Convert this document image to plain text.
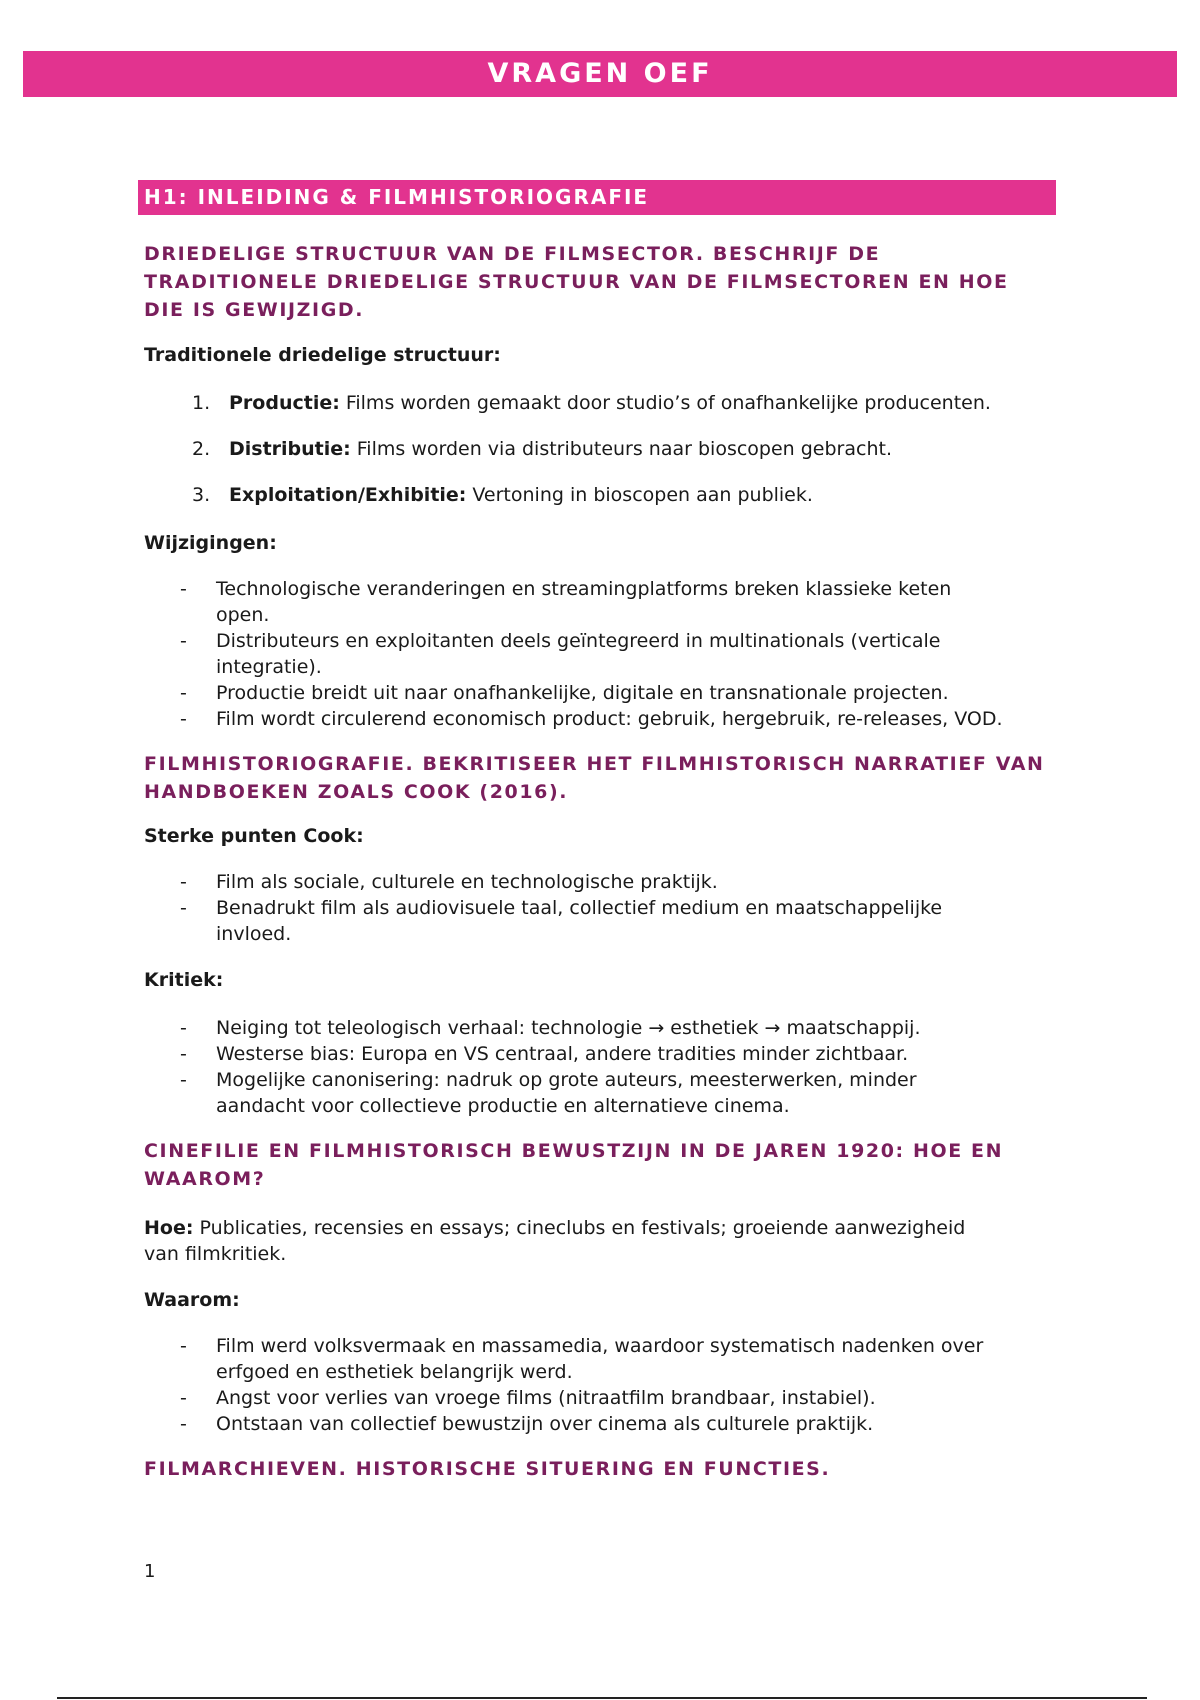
VRAGEN OEF
H1: INLEIDING & FILMHISTORIOGRAFIE
DRIEDELIGE STRUCTUUR VAN DE FILMSECTOR. BESCHRIJF DE
TRADITIONELE DRIEDELIGE STRUCTUUR VAN DE FILMSECTOREN EN HOE
DIE IS GEWIJZIGD.
Traditionele driedelige structuur:
1. Productie: Films worden gemaakt door studio’s of onafhankelijke producenten.
2. Distributie: Films worden via distributeurs naar bioscopen gebracht.
3. Exploitation/Exhibitie: Vertoning in bioscopen aan publiek.
Wijzigingen:
-	Technologische veranderingen en streamingplatforms breken klassieke keten
open.
-	Distributeurs en exploitanten deels geïntegreerd in multinationals (verticale
integratie).
-	Productie breidt uit naar onafhankelijke, digitale en transnationale projecten.
-	Film wordt circulerend economisch product: gebruik, hergebruik, re-releases, VOD.
FILMHISTORIOGRAFIE. BEKRITISEER HET FILMHISTORISCH NARRATIEF VAN
HANDBOEKEN ZOALS COOK (2016).
Sterke punten Cook:
-	Film als sociale, culturele en technologische praktijk.
-	Benadrukt film als audiovisuele taal, collectief medium en maatschappelijke
invloed.
Kritiek:
-	Neiging tot teleologisch verhaal: technologie → esthetiek → maatschappij.
-	Westerse bias: Europa en VS centraal, andere tradities minder zichtbaar.
-	Mogelijke canonisering: nadruk op grote auteurs, meesterwerken, minder
aandacht voor collectieve productie en alternatieve cinema.
CINEFILIE EN FILMHISTORISCH BEWUSTZIJN IN DE JAREN 1920: HOE EN
WAAROM?
Hoe: Publicaties, recensies en essays; cineclubs en festivals; groeiende aanwezigheid
van filmkritiek.
Waarom:
-	Film werd volksvermaak en massamedia, waardoor systematisch nadenken over
erfgoed en esthetiek belangrijk werd.
-	Angst voor verlies van vroege films (nitraatfilm brandbaar, instabiel).
-	Ontstaan van collectief bewustzijn over cinema als culturele praktijk.
FILMARCHIEVEN. HISTORISCHE SITUERING EN FUNCTIES.
1
